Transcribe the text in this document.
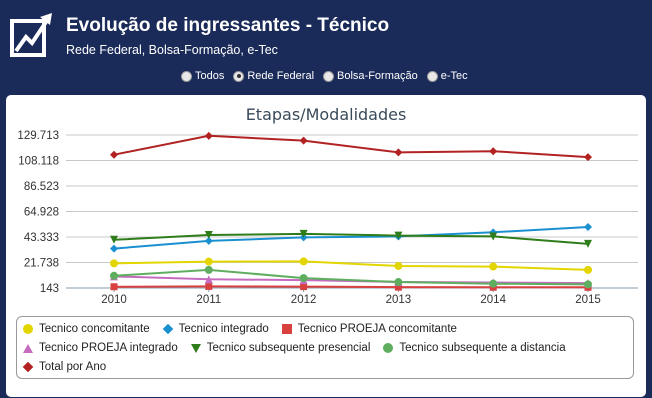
Evolução de ingressantes - Técnico
Rede Federal, Bolsa-Formação, e-Tec
Todos Rede Federal Bolsa-Formação e-Tec
Etapas/Modalidades
143
21.738
43.333
64.928
86.523
108.118
129.713
2010	2011	2012	2013	2014	2015
Tecnico concomitante	Tecnico integrado	Tecnico PROEJA concomitante
Tecnico PROEJA integrado	Tecnico subsequente presencial	Tecnico subsequente a distancia
Total por Ano
